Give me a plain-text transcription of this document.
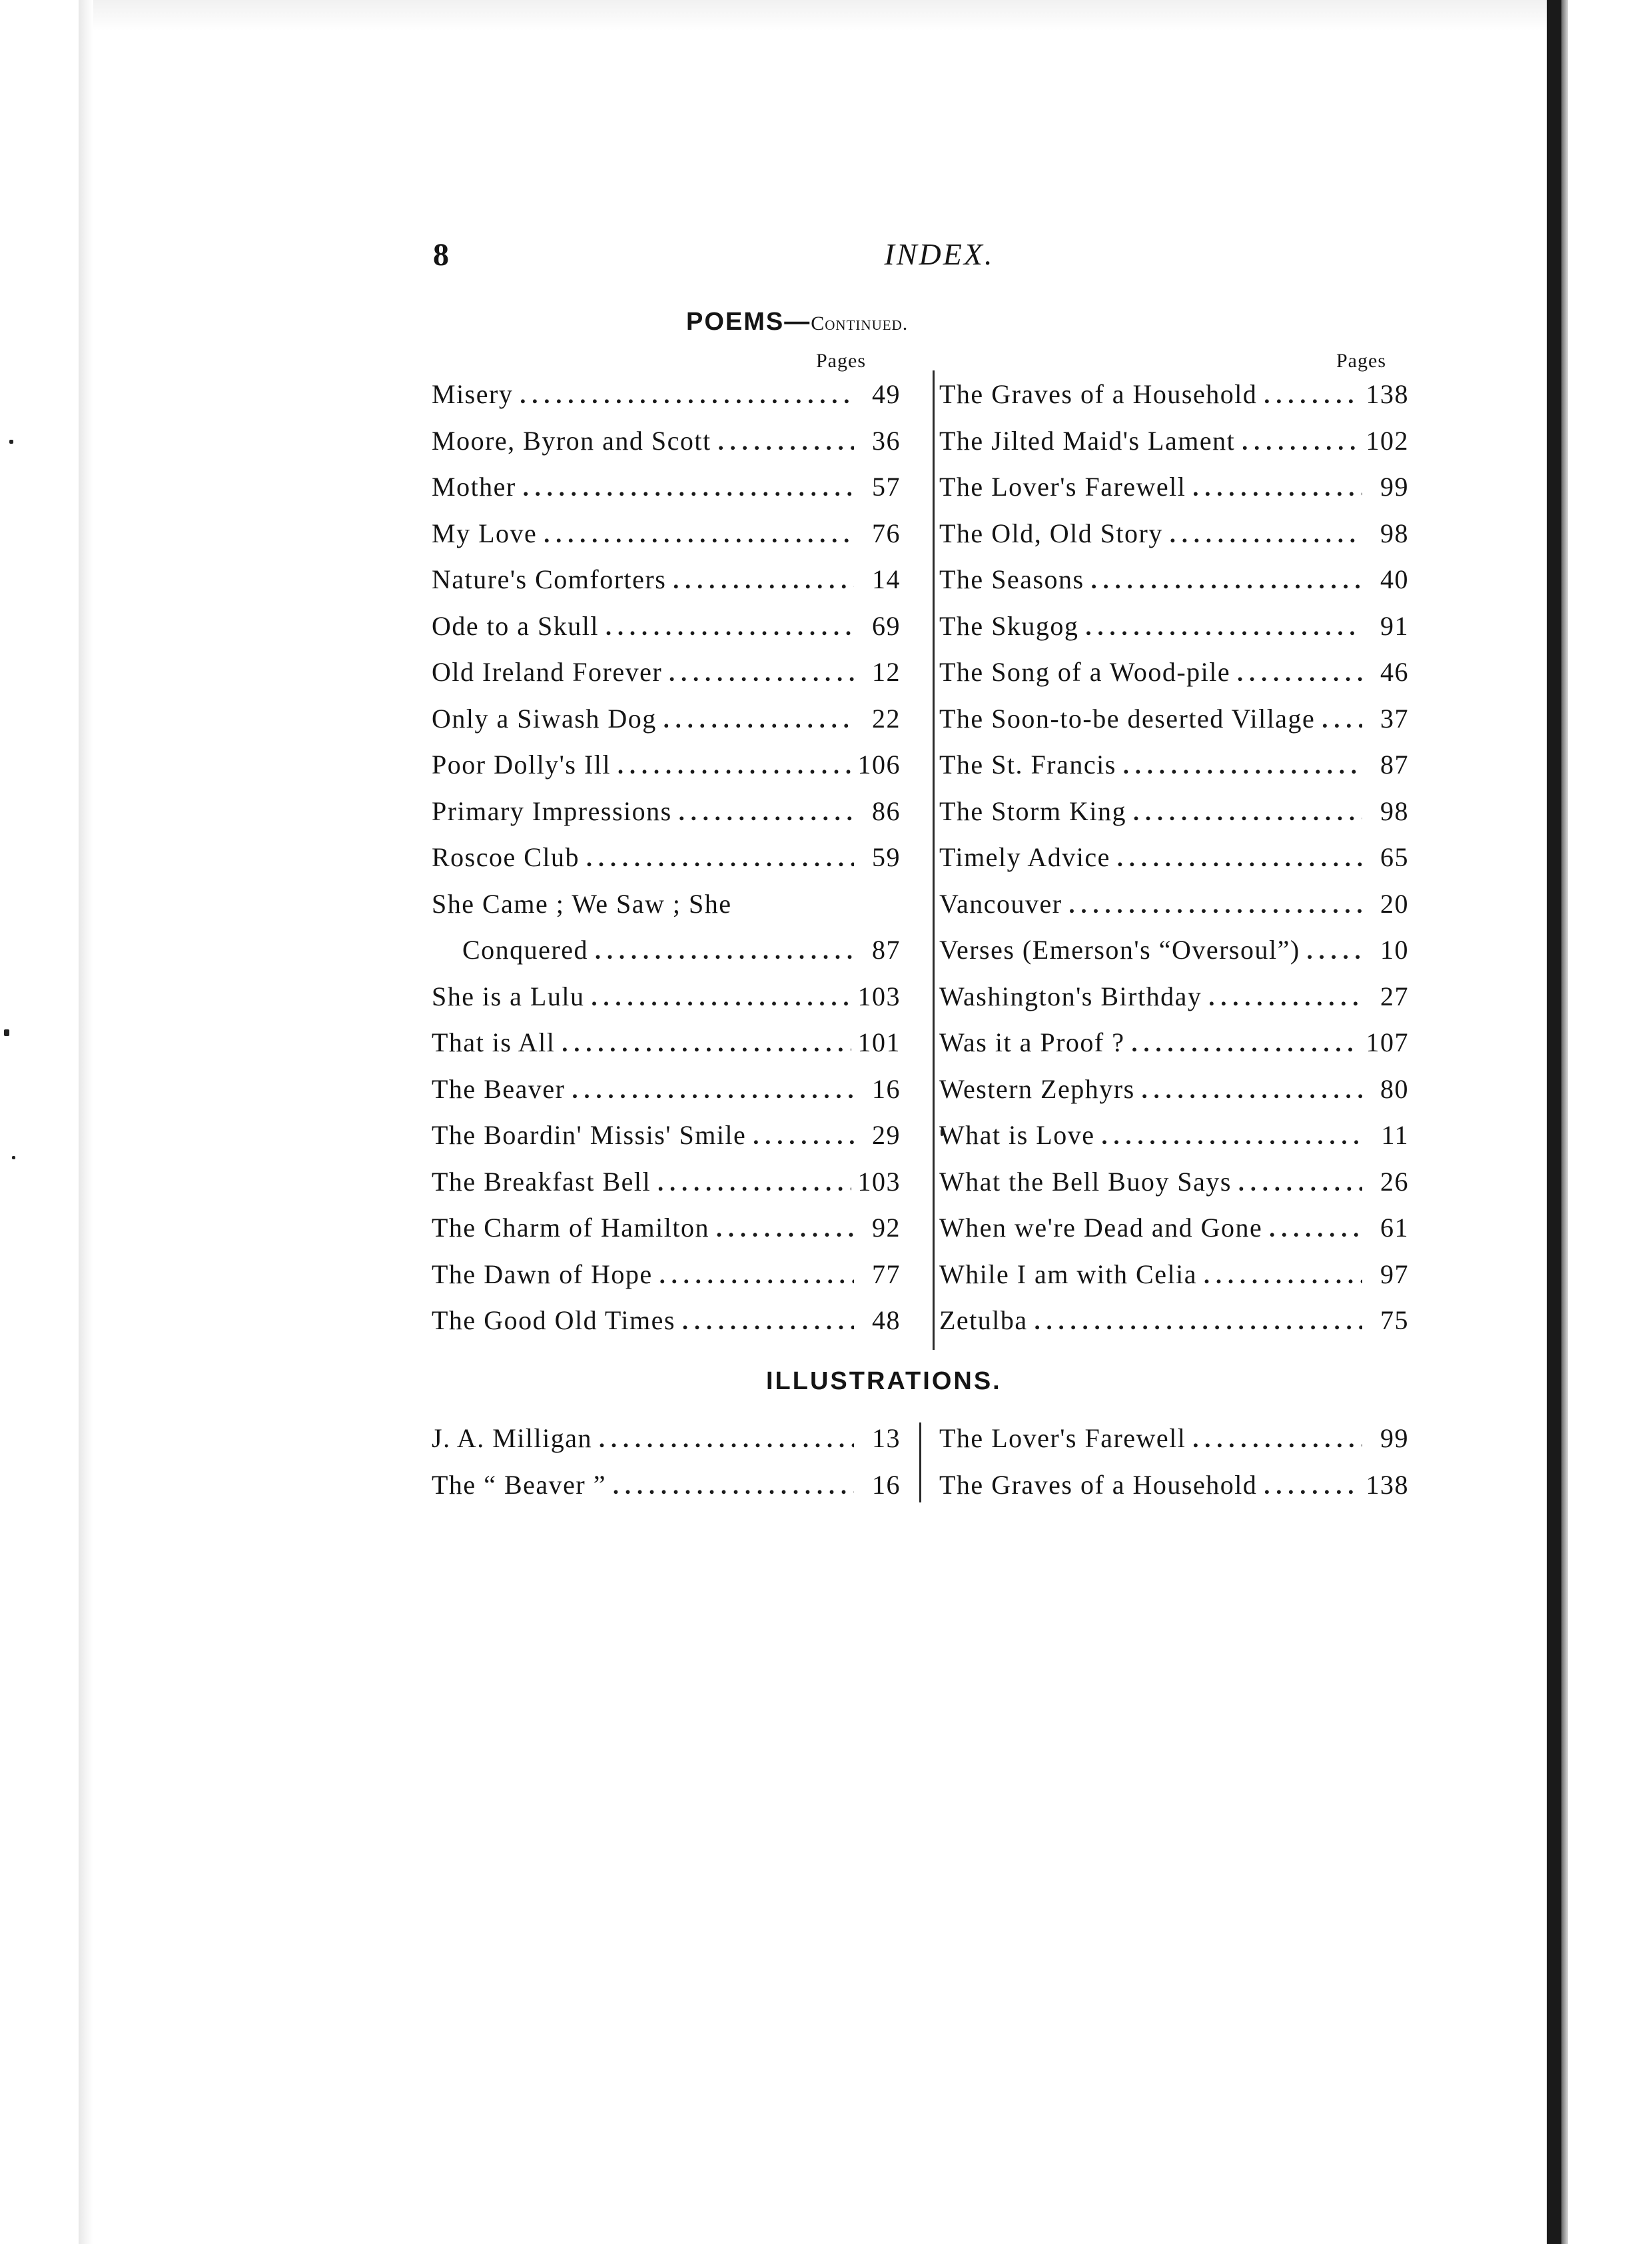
8	INDEX.
POEMS—Continued.
Pages	Pages
Misery . . .	49
Moore, Byron and Scott . . .	36
Mother . . .	57
My Love . . .	76
Nature's Comforters . . .	14
Ode to a Skull . . .	69
Old Ireland Forever . . .	12
Only a Siwash Dog . . .	22
Poor Dolly's Ill . . .	106
Primary Impressions . . .	86
Roscoe Club . . .	59
She Came ; We Saw ; She
Conquered . . .	87
She is a Lulu . . .	103
That is All . . .	101
The Beaver . . .	16
The Boardin' Missis' Smile . . .	29
The Breakfast Bell . . .	103
The Charm of Hamilton . . .	92
The Dawn of Hope . . .	77
The Good Old Times . . .	48
The Graves of a Household . . .	138
The Jilted Maid's Lament . . .	102
The Lover's Farewell . . .	99
The Old, Old Story . . .	98
The Seasons . . .	40
The Skugog . . .	91
The Song of a Wood-pile . . .	46
The Soon-to-be deserted Village . . .	37
The St. Francis . . .	87
The Storm King . . .	98
Timely Advice . . .	65
Vancouver . . .	20
Verses (Emerson's “Oversoul”) . . .	10
Washington's Birthday . . .	27
Was it a Proof ? . . .	107
Western Zephyrs . . .	80
What is Love . . .	11
What the Bell Buoy Says . . .	26
When we're Dead and Gone . . .	61
While I am with Celia . . .	97
Zetulba . . .	75
ILLUSTRATIONS.
J. A. Milligan . . .	13
The “ Beaver ” . . .	16
The Lover's Farewell . . .	99
The Graves of a Household . . .	138
